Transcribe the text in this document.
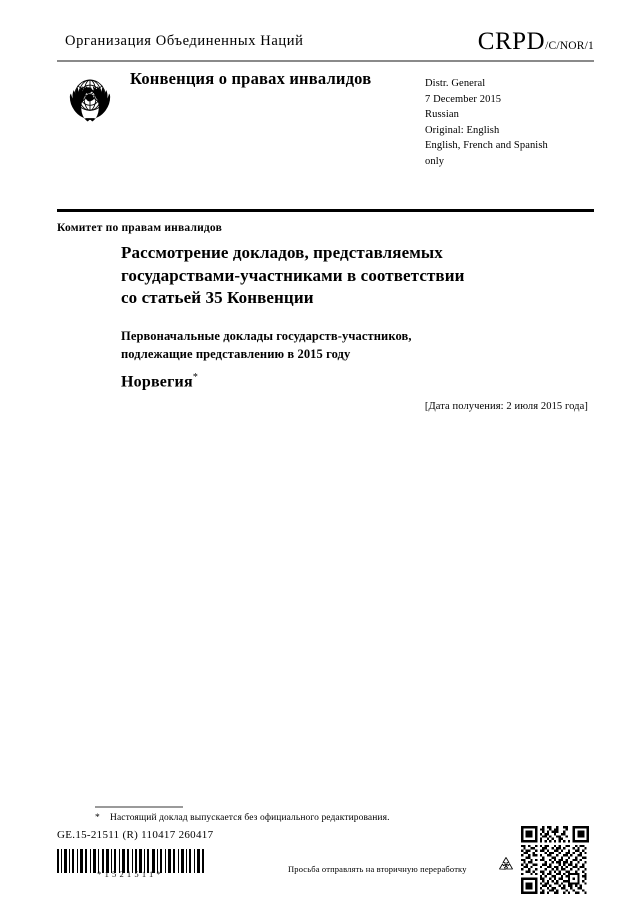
Организация Объединенных Наций	CRPD/C/NOR/1
Конвенция о правах инвалидов	Distr. General
7 December 2015
Russian
Original: English
English, French and Spanish
only
Комитет по правам инвалидов
Рассмотрение докладов, представляемых
государствами-участниками в соответствии
со статьей 35 Конвенции
Первоначальные доклады государств-участников,
подлежащие представлению в 2015 году
Норвегия*
[Дата получения: 2 июля 2015 года]
* Настоящий доклад выпускается без официального редактирования.
GE.15-21511 (R) 110417 260417
*1521511*	Просьба отправлять на вторичную переработку
